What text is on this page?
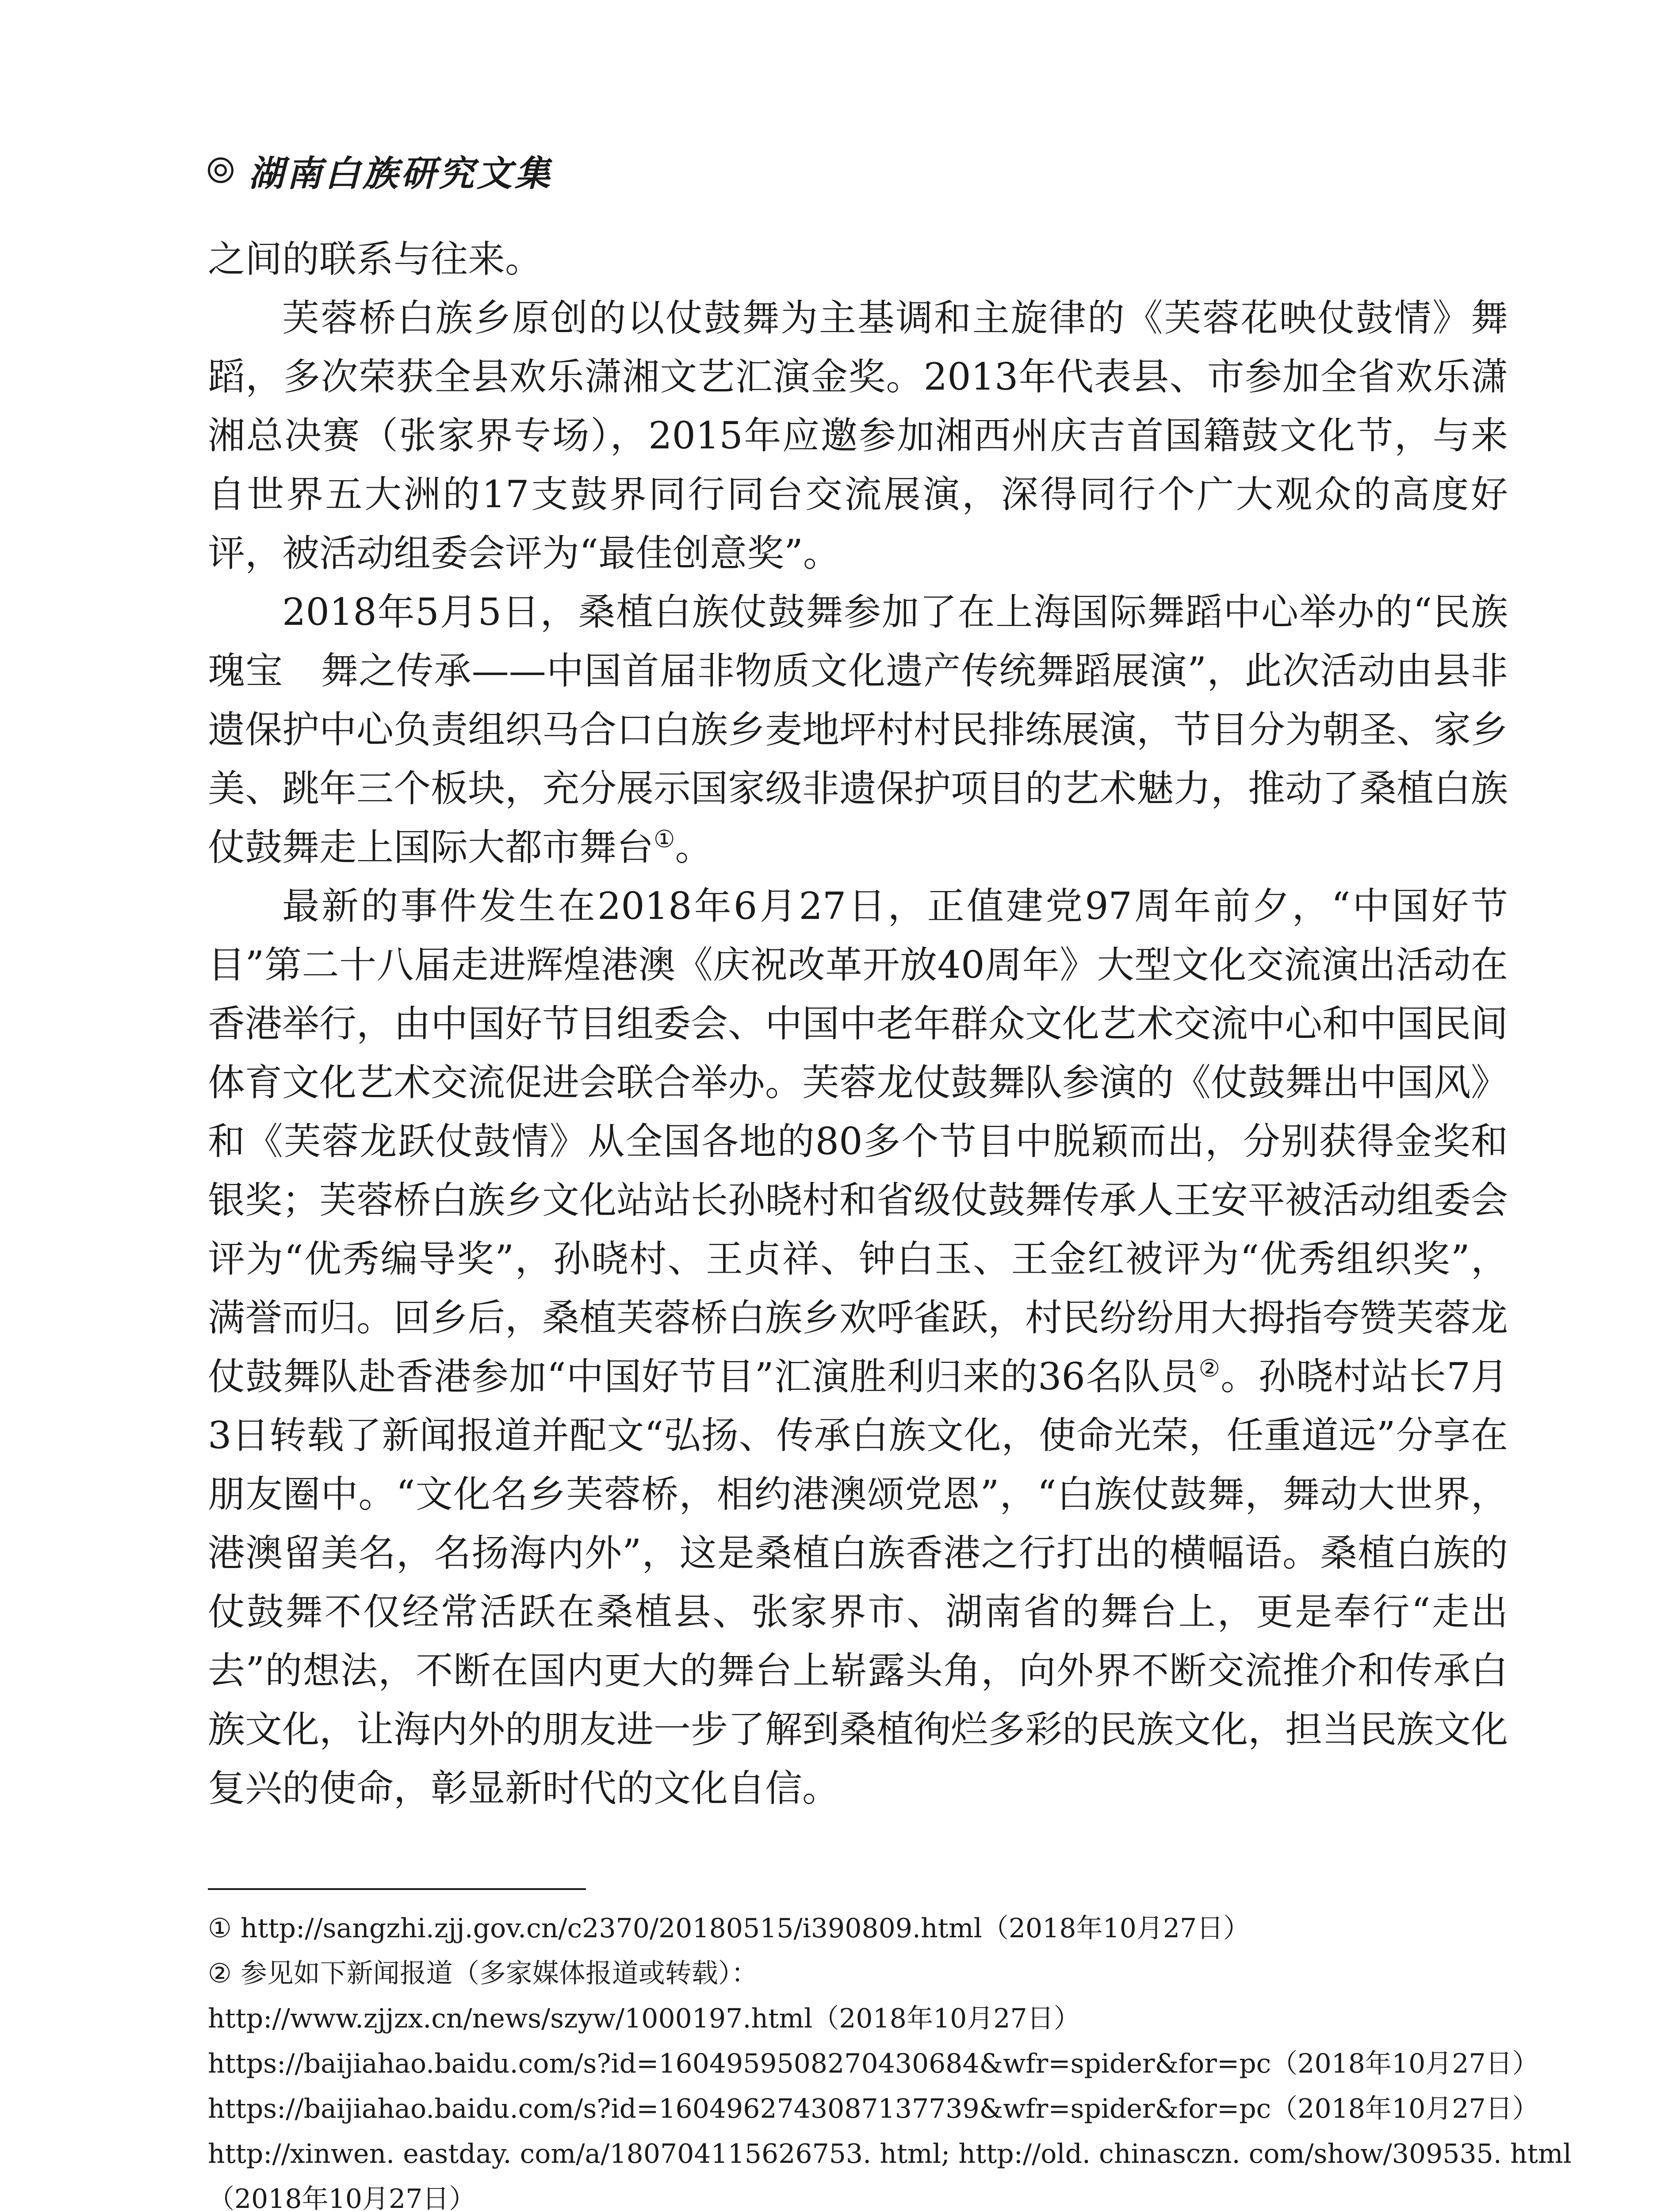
湖南白族研究文集

之间的联系与往来。

芙蓉桥白族乡原创的以仗鼓舞为主基调和主旋律的《芙蓉花映仗鼓情》舞蹈，多次荣获全县欢乐潇湘文艺汇演金奖。2013年代表县、市参加全省欢乐潇湘总决赛（张家界专场），2015年应邀参加湘西州庆吉首国籍鼓文化节，与来自世界五大洲的17支鼓界同行同台交流展演，深得同行个广大观众的高度好评，被活动组委会评为“最佳创意奖”。

2018年5月5日，桑植白族仗鼓舞参加了在上海国际舞蹈中心举办的“民族瑰宝　舞之传承——中国首届非物质文化遗产传统舞蹈展演”，此次活动由县非遗保护中心负责组织马合口白族乡麦地坪村村民排练展演，节目分为朝圣、家乡美、跳年三个板块，充分展示国家级非遗保护项目的艺术魅力，推动了桑植白族仗鼓舞走上国际大都市舞台①。

最新的事件发生在2018年6月27日，正值建党97周年前夕，“中国好节目”第二十八届走进辉煌港澳《庆祝改革开放40周年》大型文化交流演出活动在香港举行，由中国好节目组委会、中国中老年群众文化艺术交流中心和中国民间体育文化艺术交流促进会联合举办。芙蓉龙仗鼓舞队参演的《仗鼓舞出中国风》和《芙蓉龙跃仗鼓情》从全国各地的80多个节目中脱颖而出，分别获得金奖和银奖；芙蓉桥白族乡文化站站长孙晓村和省级仗鼓舞传承人王安平被活动组委会评为“优秀编导奖”，孙晓村、王贞祥、钟白玉、王金红被评为“优秀组织奖”，满誉而归。回乡后，桑植芙蓉桥白族乡欢呼雀跃，村民纷纷用大拇指夸赞芙蓉龙仗鼓舞队赴香港参加“中国好节目”汇演胜利归来的36名队员②。孙晓村站长7月3日转载了新闻报道并配文“弘扬、传承白族文化，使命光荣，任重道远”分享在朋友圈中。“文化名乡芙蓉桥，相约港澳颂党恩”，“白族仗鼓舞，舞动大世界，港澳留美名，名扬海内外”，这是桑植白族香港之行打出的横幅语。桑植白族的仗鼓舞不仅经常活跃在桑植县、张家界市、湖南省的舞台上，更是奉行“走出去”的想法，不断在国内更大的舞台上崭露头角，向外界不断交流推介和传承白族文化，让海内外的朋友进一步了解到桑植徇烂多彩的民族文化，担当民族文化复兴的使命，彰显新时代的文化自信。

① http://sangzhi.zjj.gov.cn/c2370/20180515/i390809.html（2018年10月27日）

② 参见如下新闻报道（多家媒体报道或转载）：

http://www.zjjzx.cn/news/szyw/1000197.html（2018年10月27日）

https://baijiahao.baidu.com/s?id=1604959508270430684&wfr=spider&for=pc（2018年10月27日）

https://baijiahao.baidu.com/s?id=1604962743087137739&wfr=spider&for=pc（2018年10月27日）

http://xinwen. eastday. com/a/180704115626753. html; http://old. chinasczn. com/show/309535. html

（2018年10月27日）
